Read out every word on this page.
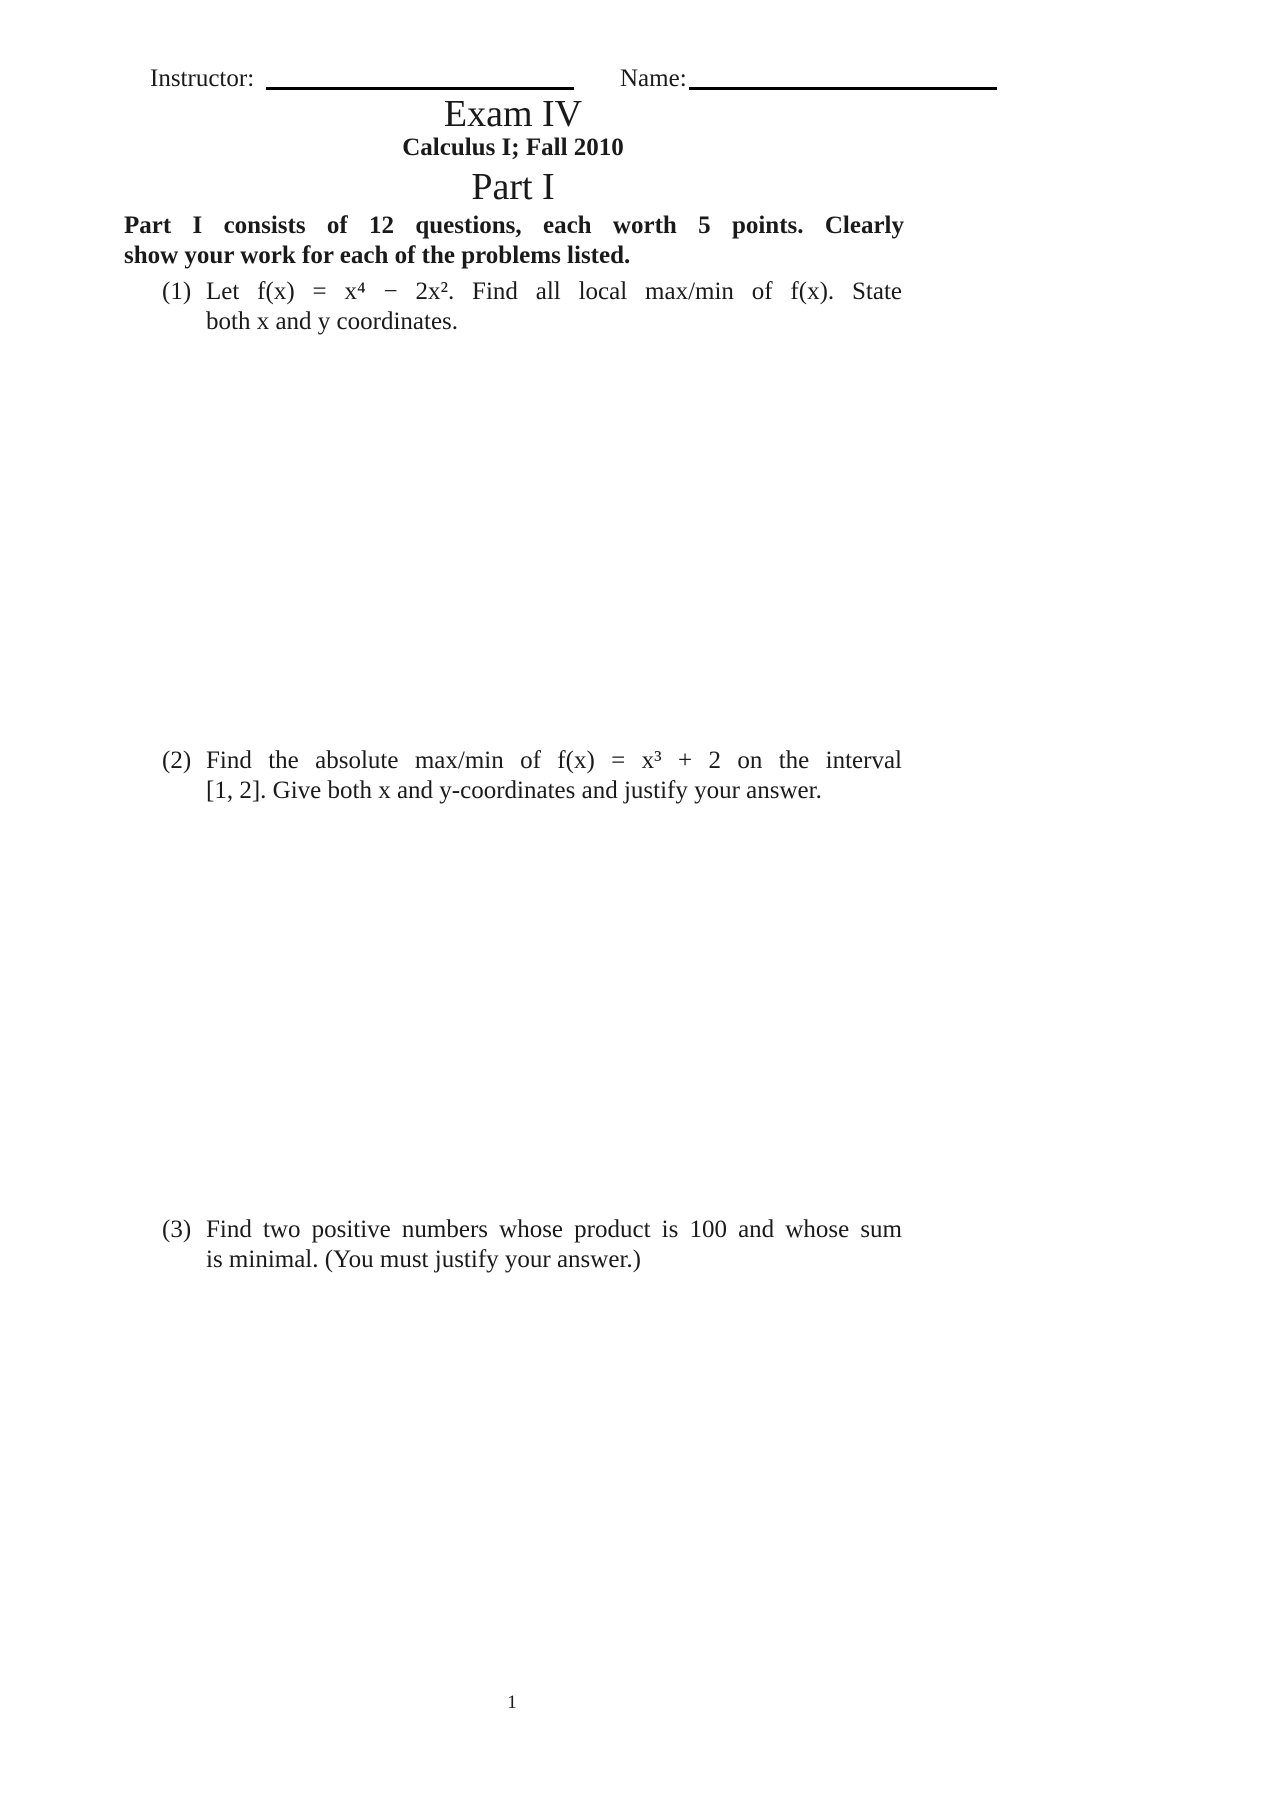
Instructor:	Name:
Exam IV
Calculus I; Fall 2010
Part I
Part I consists of 12 questions, each worth 5 points. Clearly
show your work for each of the problems listed.
(1) Let f(x) = x⁴ − 2x². Find all local max/min of f(x). State
both x and y coordinates.
(2) Find the absolute max/min of f(x) = x³ + 2 on the interval
[1, 2]. Give both x and y-coordinates and justify your answer.
(3) Find two positive numbers whose product is 100 and whose sum
is minimal. (You must justify your answer.)
1
